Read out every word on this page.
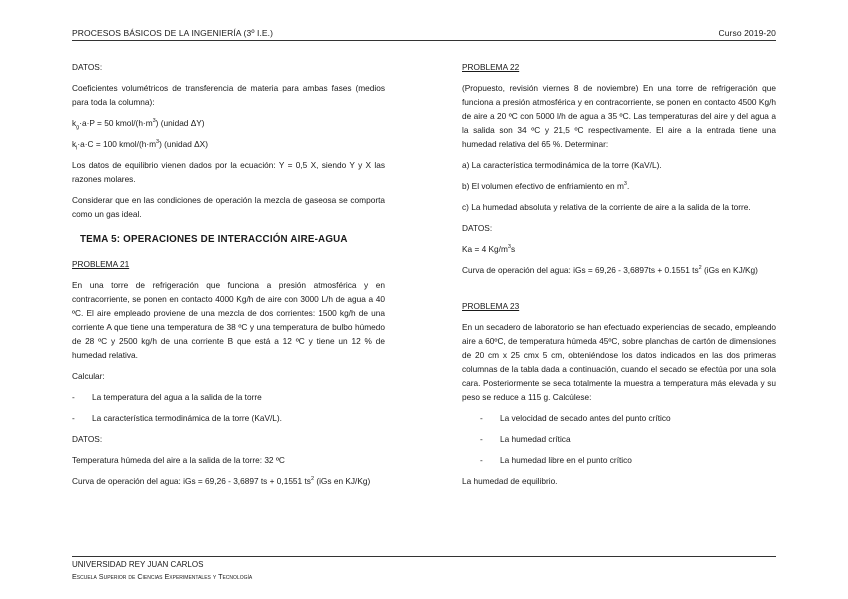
PROCESOS BÁSICOS DE LA INGENIERÍA (3º I.E.)	Curso 2019-20

DATOS:

Coeficientes volumétricos de transferencia de materia para ambas fases (medios para toda la columna):

$k_g\cdot a\cdot P = 50$ kmol/$(h\cdot m^3)$ (unidad ΔY)

$k_l\cdot a\cdot C = 100$ kmol/$(h\cdot m^3)$ (unidad ΔX)

Los datos de equilibrio vienen dados por la ecuación: Y = 0,5 X, siendo Y y X las razones molares.

Considerar que en las condiciones de operación la mezcla de gaseosa se comporta como un gas ideal.

TEMA 5: OPERACIONES DE INTERACCIÓN AIRE-AGUA

PROBLEMA 21

En una torre de refrigeración que funciona a presión atmosférica y en contracorriente, se ponen en contacto 4000 Kg/h de aire con 3000 L/h de agua a 40 ºC. El aire empleado proviene de una mezcla de dos corrientes: 1500 kg/h de una corriente A que tiene una temperatura de 38 ºC y una temperatura de bulbo húmedo de 28 ºC y 2500 kg/h de una corriente B que está a 12 ºC y tiene un 12 % de humedad relativa.

Calcular:

- La temperatura del agua a la salida de la torre
- La característica termodinámica de la torre (KaV/L).

DATOS:

Temperatura húmeda del aire a la salida de la torre: 32 ºC

Curva de operación del agua: iGs = 69,26 - 3,6897 ts + 0,1551 $ts^2$ (iGs en KJ/Kg)

PROBLEMA 22

(Propuesto, revisión viernes 8 de noviembre) En una torre de refrigeración que funciona a presión atmosférica y en contracorriente, se ponen en contacto 4500 Kg/h de aire a 20 ºC con 5000 l/h de agua a 35 ºC. Las temperaturas del aire y del agua a la salida son 34 ºC y 21,5 ºC respectivamente. El aire a la entrada tiene una humedad relativa del 65 %. Determinar:

a) La característica termodinámica de la torre (KaV/L).

b) El volumen efectivo de enfriamiento en $m^3$.

c) La humedad absoluta y relativa de la corriente de aire a la salida de la torre.

DATOS:

Ka = 4 $Kg/m^3s$

Curva de operación del agua: iGs = 69,26 - 3,6897ts + 0.1551 $ts^2$ (iGs en KJ/Kg)

PROBLEMA 23

En un secadero de laboratorio se han efectuado experiencias de secado, empleando aire a 60ºC, de temperatura húmeda 45ºC, sobre planchas de cartón de dimensiones de 20 cm x 25 cmx 5 cm, obteniéndose los datos indicados en las dos primeras columnas de la tabla dada a continuación, cuando el secado se efectúa por una sola cara. Posteriormente se seca totalmente la muestra a temperatura más elevada y su peso se reduce a 115 g. Calcúlese:

- La velocidad de secado antes del punto crítico
- La humedad crítica
- La humedad libre en el punto crítico

La humedad de equilibrio.

UNIVERSIDAD REY JUAN CARLOS
Escuela Superior de Ciencias Experimentales y Tecnología
